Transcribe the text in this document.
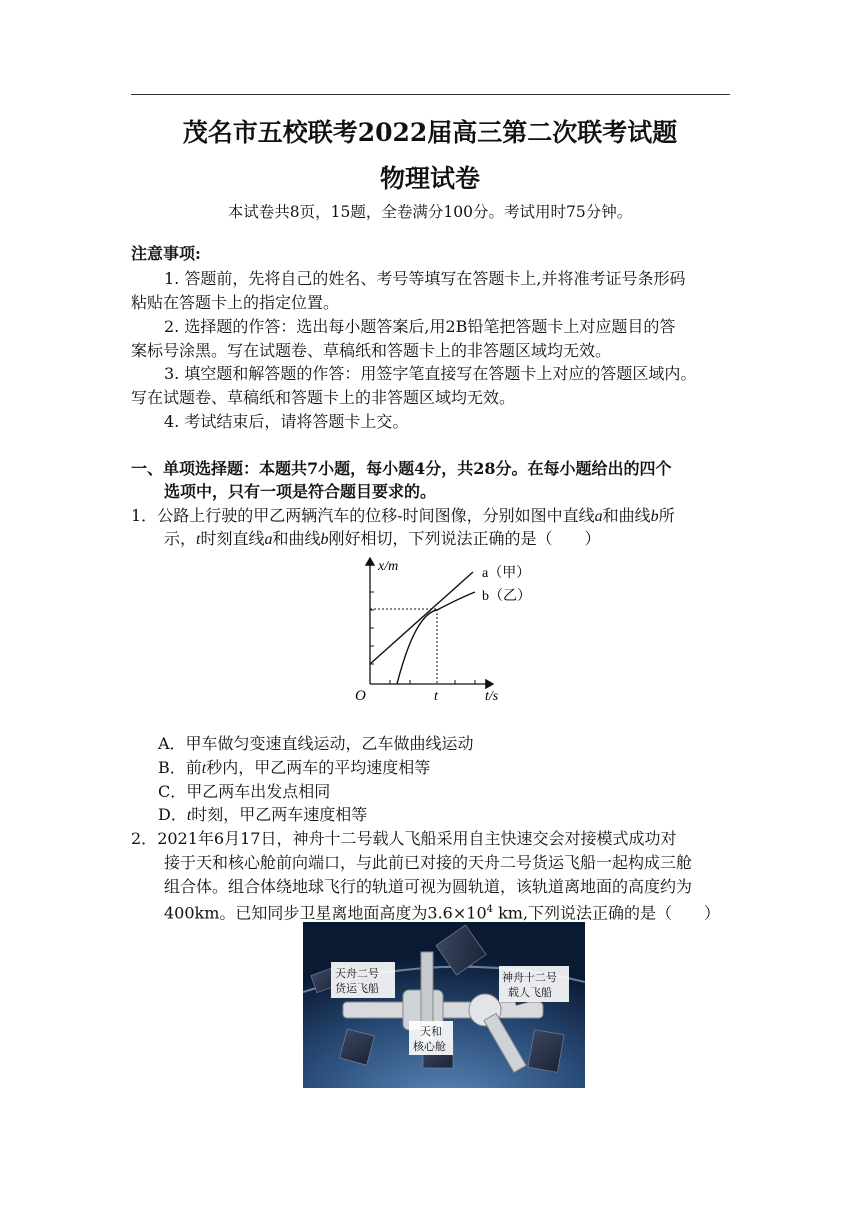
茂名市五校联考2022届高三第二次联考试题
物理试卷
本试卷共8页，15题，全卷满分100分。考试用时75分钟。
注意事项:
1. 答题前，先将自己的姓名、考号等填写在答题卡上,并将准考证号条形码
粘贴在答题卡上的指定位置。
2. 选择题的作答：选出每小题答案后,用2B铅笔把答题卡上对应题目的答
案标号涂黑。写在试题卷、草稿纸和答题卡上的非答题区域均无效。
3. 填空题和解答题的作答：用签字笔直接写在答题卡上对应的答题区域内。
写在试题卷、草稿纸和答题卡上的非答题区域均无效。
4. 考试结束后，请将答题卡上交。
一、单项选择题：本题共7小题，每小题4分，共28分。在每小题给出的四个
选项中，只有一项是符合题目要求的。
1．公路上行驶的甲乙两辆汽车的位移-时间图像，分别如图中直线a和曲线b所
示，t时刻直线a和曲线b刚好相切，下列说法正确的是（　　）
x/m
t/s
O	t
a（甲）
b（乙）
A．甲车做匀变速直线运动，乙车做曲线运动
B．前t秒内，甲乙两车的平均速度相等
C．甲乙两车出发点相同
D．t时刻，甲乙两车速度相等
2．2021年6月17日，神舟十二号载人飞船采用自主快速交会对接模式成功对
接于天和核心舱前向端口，与此前已对接的天舟二号货运飞船一起构成三舱
组合体。组合体绕地球飞行的轨道可视为圆轨道，该轨道离地面的高度约为
400km。已知同步卫星离地面高度为$3.6\times 10^4$ km,下列说法正确的是（　　）
天舟二号
货运飞船
神舟十二号
载人飞船
天和
核心舱
